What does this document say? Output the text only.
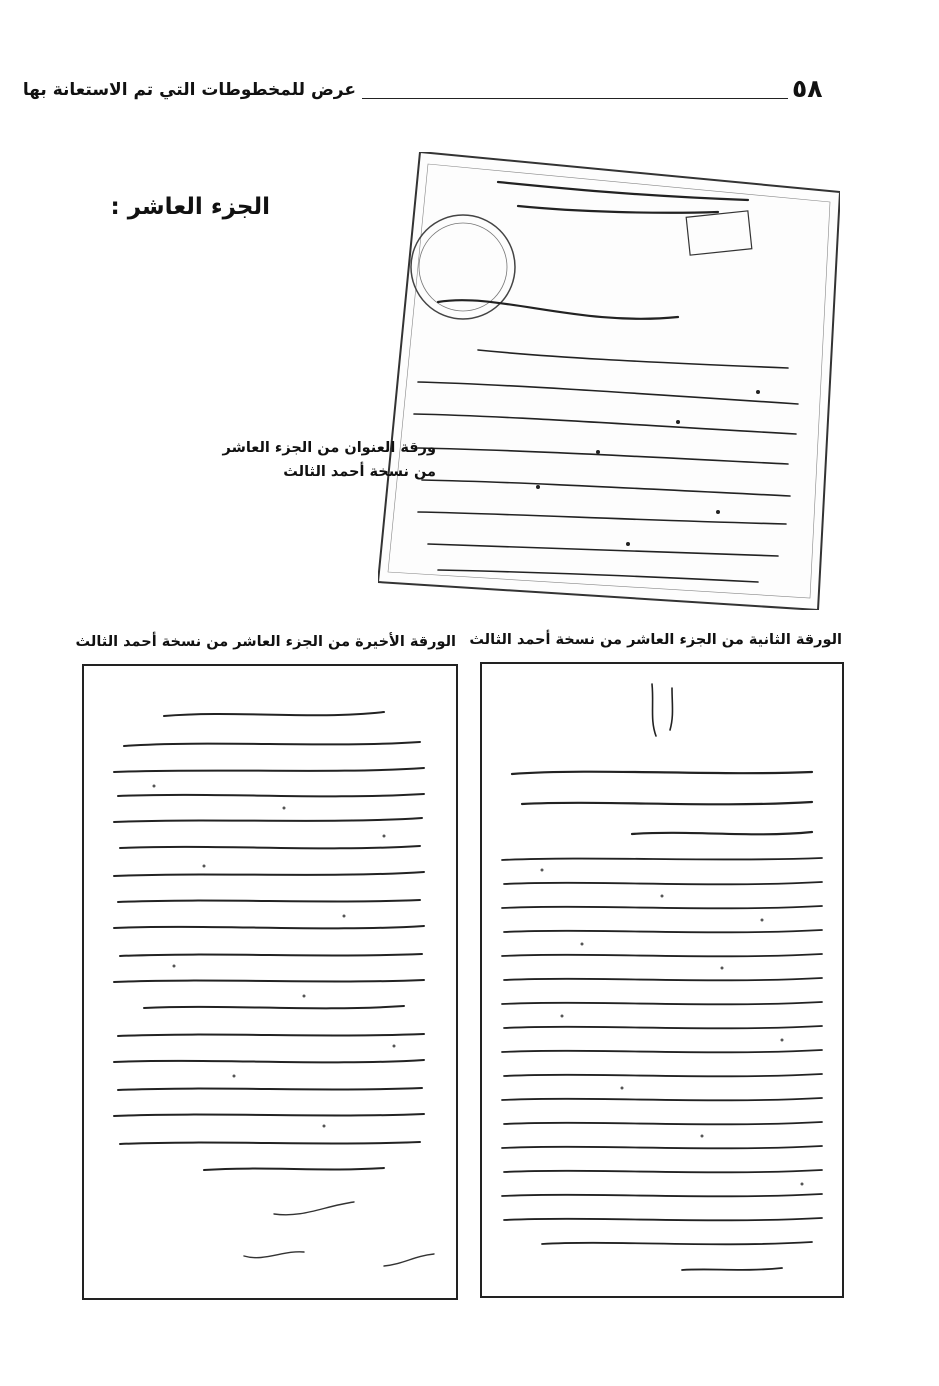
٥٨
عرض للمخطوطات التي تم الاستعانة بها
الجزء العاشر :
ورقة العنوان من الجزء العاشر
من نسخة أحمد الثالث
الورقة الأخيرة من الجزء العاشر من نسخة أحمد الثالث الورقة الثانية من الجزء العاشر من نسخة أحمد الثالث
